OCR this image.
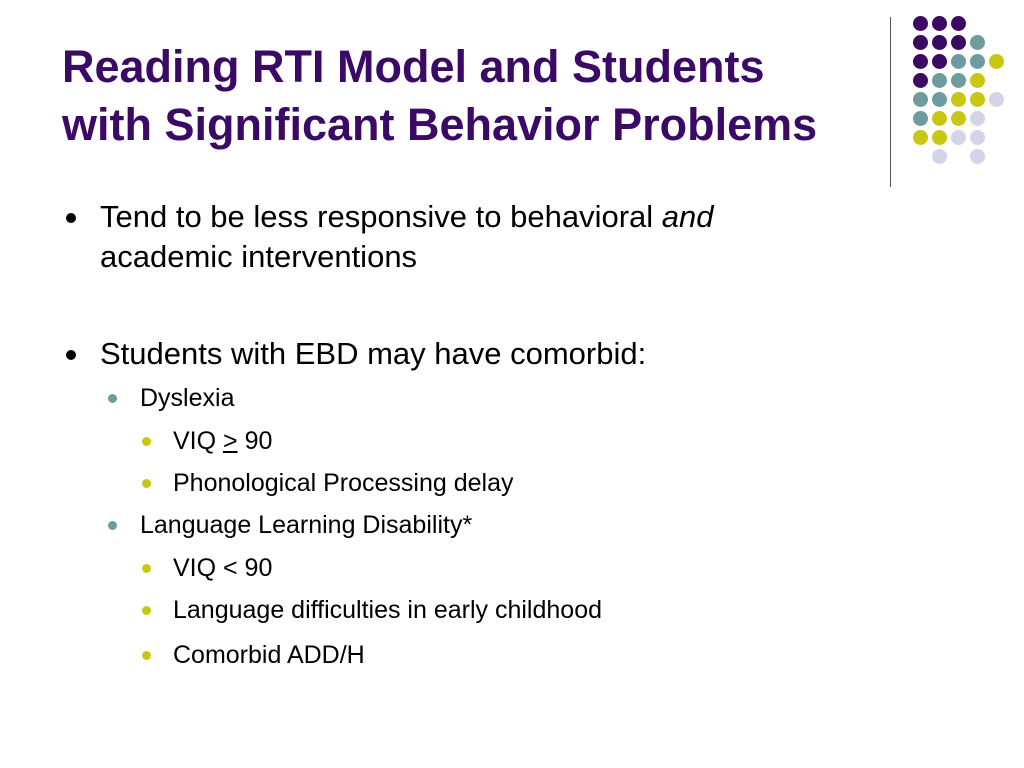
Reading RTI Model and Students
with Significant Behavior Problems
Tend to be less responsive to behavioral and
academic interventions
Students with EBD may have comorbid:
Dyslexia
VIQ > 90
Phonological Processing delay
Language Learning Disability*
VIQ < 90
Language difficulties in early childhood
Comorbid ADD/H
